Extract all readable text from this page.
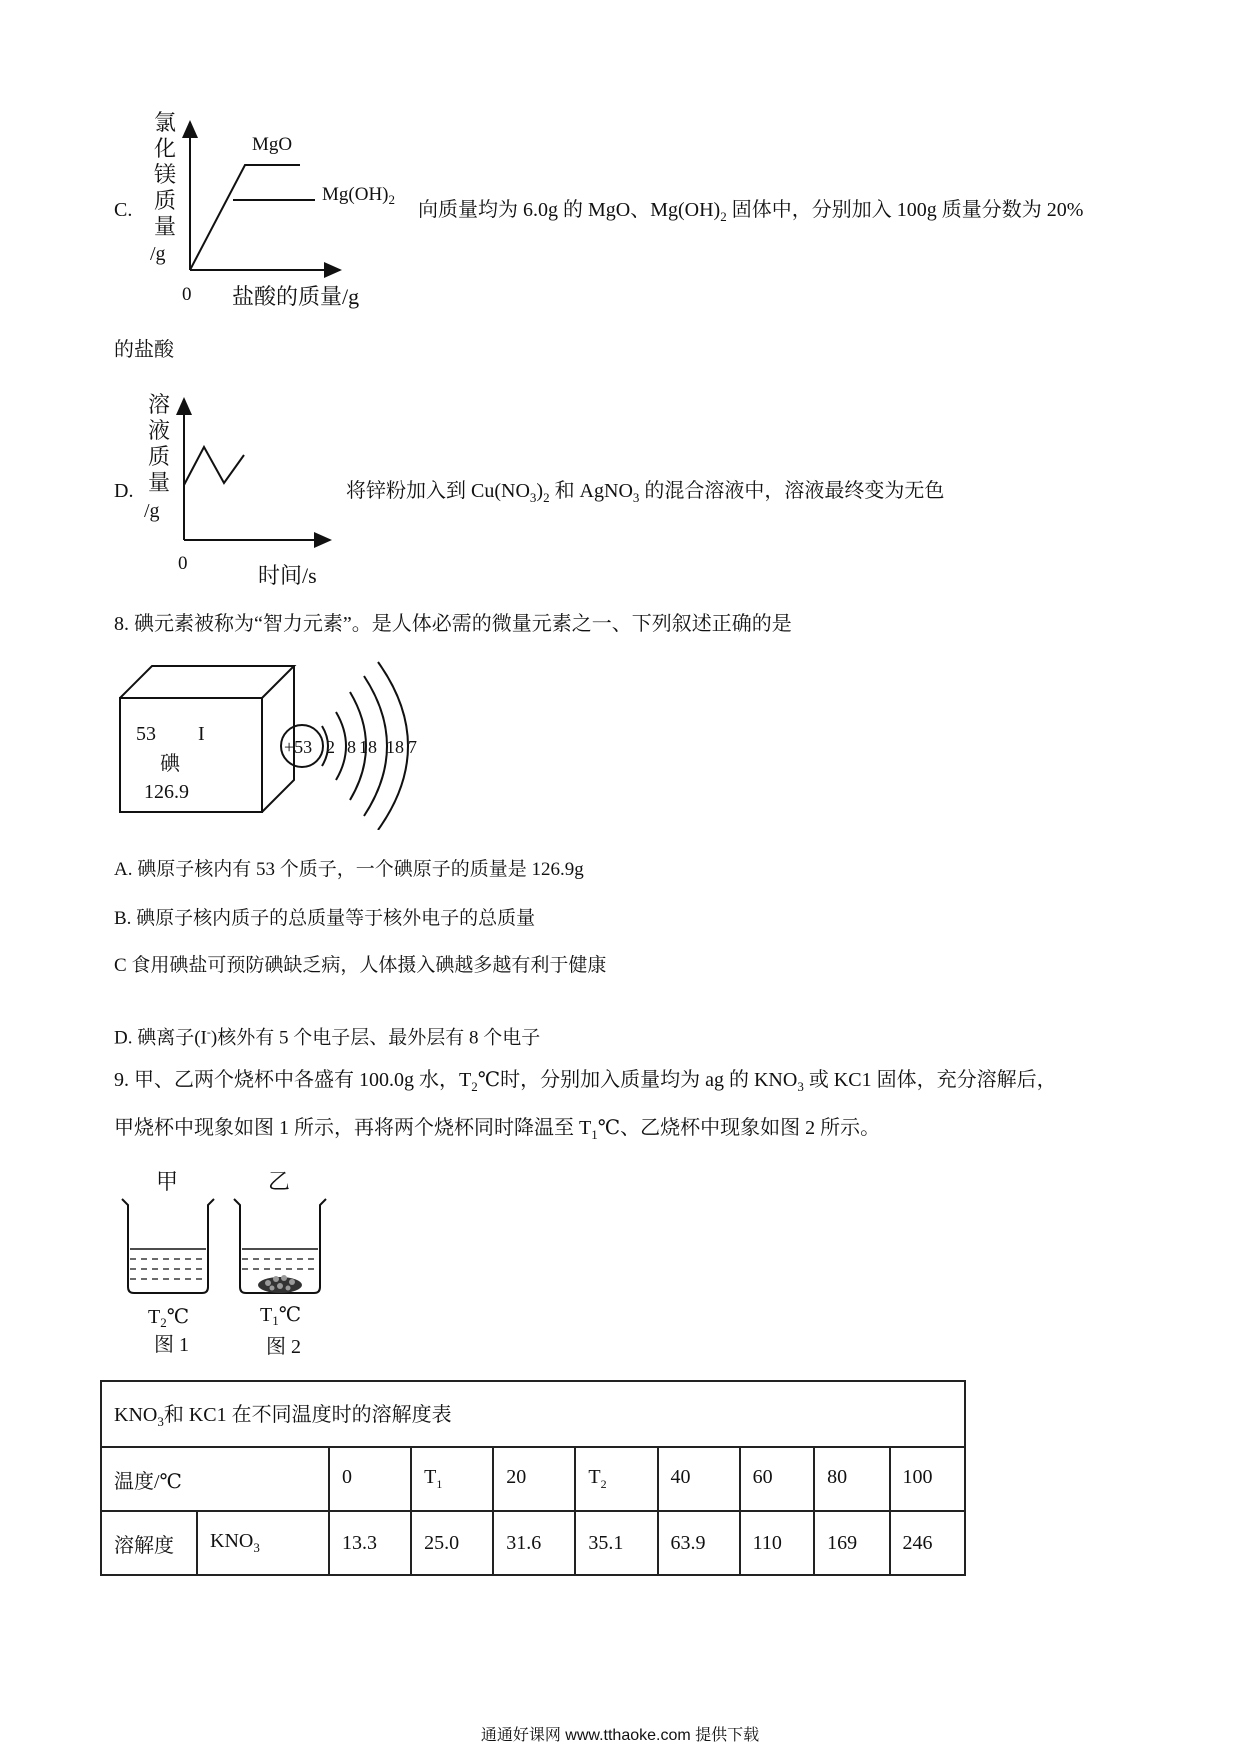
C.
氯
化
镁
质
量
/g
0 盐酸的质量/g
MgO
$Mg(OH)_2$ 向质量均为 6.0g 的 MgO、$Mg(OH)_2$ 固体中，分别加入 100g 质量分数为 20%
的盐酸
D.
溶
液
质
量
/g
0	时间/s
将锌粉加入到 $Cu(NO_3)_2$ 和 AgNO$_3$ 的混合溶液中，溶液最终变为无色
8. 碘元素被称为“智力元素”。是人体必需的微量元素之一、下列叙述正确的是
53 I
碘
126.9
+53 2 8 18 18 7
A. 碘原子核内有 53 个质子，一个碘原子的质量是 126.9g
B. 碘原子核内质子的总质量等于核外电子的总质量
C 食用碘盐可预防碘缺乏病，人体摄入碘越多越有利于健康
D. 碘离子(I-)核外有 5 个电子层、最外层有 8 个电子
9. 甲、乙两个烧杯中各盛有 100.0g 水，$T_2℃$时，分别加入质量均为 ag 的 $KNO_3$ 或 KC1 固体，充分溶解后，
甲烧杯中现象如图 1 所示，再将两个烧杯同时降温至 $T_1℃$、乙烧杯中现象如图 2 所示。
甲	乙
$T_2℃$	$T_1℃$
图 1	图 2
$KNO_3$和 KC1 在不同温度时的溶解度表									
温度/℃		0	$T_1$	20	$T_2$	40	60	80	100
溶解度	$KNO_3$	13.3	25.0	31.6	35.1	63.9	110	169	246
通通好课网 www.tthaoke.com 提供下载
